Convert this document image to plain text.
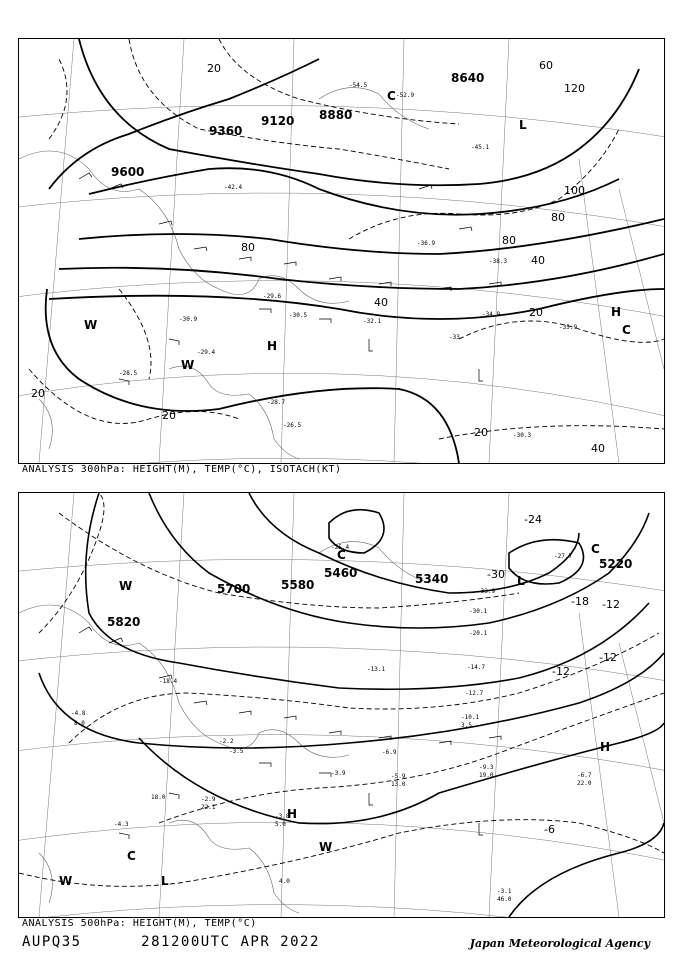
9600
9360
9120 8880
8640
20
20
20
20
40
40
40
80
80
80
100
120
60
20
-30.9
-28.5
-29.4
-32.1
-34.9
-35.9
-30.3
-38.3
-45.1
-52.9
-54.5
-42.4
-29.6
-30.5
-28.7
-26.5
-33
-36.9
W
W
H
H
C
C
L
ANALYSIS 300hPa: HEIGHT(M), TEMP(°C), ISOTACH(KT)
5820
5700	5580
5460	5340
5220
-6
-12
-12
-12
-18
-24
-30
-4.8
-3.5
-2.9
-4.3
-3.8
-6.9
-5.9
-9.3
-6.7
-3.1
-10.1
-12.7
-14.7
-20.1
-25.4
-33.9
-30.1
-27.7
-13.1
-18.4
-2.2
-3.9
8.0
18.0
22.1
13.0
19.0
22.0
46.0
5.0
4.0
3.5
W
C
L
H
W
H
W
C	C
L
ANALYSIS 500hPa: HEIGHT(M), TEMP(°C)
AUPQ35	281200UTC APR 2022	Japan Meteorological Agency
